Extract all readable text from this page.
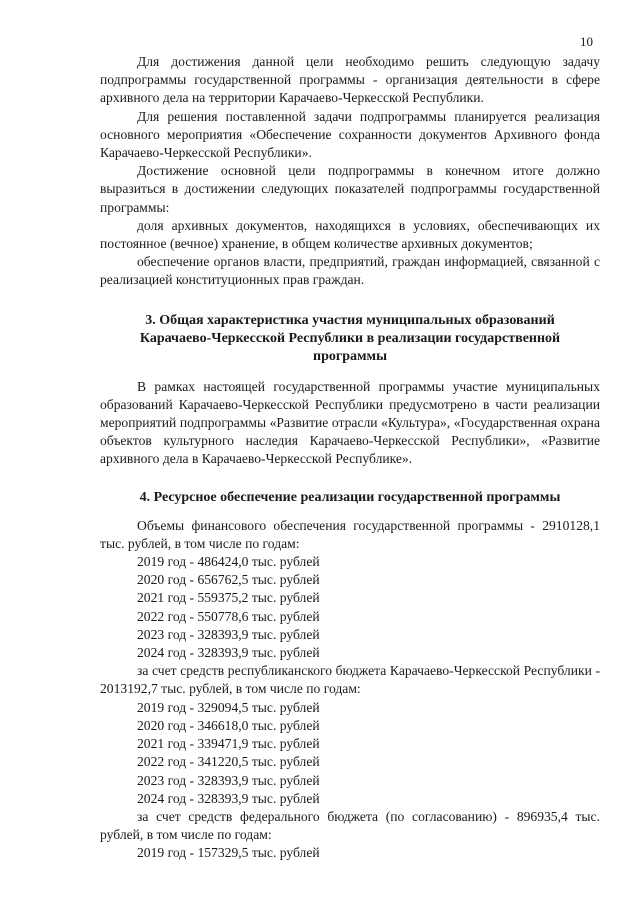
10

Для достижения данной цели необходимо решить следующую задачу подпрограммы государственной программы - организация деятельности в сфере архивного дела на территории Карачаево-Черкесской Республики.

Для решения поставленной задачи подпрограммы планируется реализация основного мероприятия «Обеспечение сохранности документов Архивного фонда Карачаево-Черкесской Республики».

Достижение основной цели подпрограммы в конечном итоге должно выразиться в достижении следующих показателей подпрограммы государственной программы:

доля архивных документов, находящихся в условиях, обеспечивающих их постоянное (вечное) хранение, в общем количестве архивных документов;

обеспечение органов власти, предприятий, граждан информацией, связанной с реализацией конституционных прав граждан.

3. Общая характеристика участия муниципальных образований Карачаево-Черкесской Республики в реализации государственной программы

В рамках настоящей государственной программы участие муниципальных образований Карачаево-Черкесской Республики предусмотрено в части реализации мероприятий подпрограммы «Развитие отрасли «Культура», «Государственная охрана объектов культурного наследия Карачаево-Черкесской Республики», «Развитие архивного дела в Карачаево-Черкесской Республике».

4. Ресурсное обеспечение реализации государственной программы

Объемы финансового обеспечения государственной программы - 2910128,1 тыс. рублей, в том числе по годам:

2019 год - 486424,0 тыс. рублей

2020 год - 656762,5 тыс. рублей

2021 год - 559375,2 тыс. рублей

2022 год - 550778,6 тыс. рублей

2023 год - 328393,9 тыс. рублей

2024 год - 328393,9 тыс. рублей

за счет средств республиканского бюджета Карачаево-Черкесской Республики - 2013192,7 тыс. рублей, в том числе по годам:

2019 год - 329094,5 тыс. рублей

2020 год - 346618,0 тыс. рублей

2021 год - 339471,9 тыс. рублей

2022 год - 341220,5 тыс. рублей

2023 год - 328393,9 тыс. рублей

2024 год - 328393,9 тыс. рублей

за счет средств федерального бюджета (по согласованию) - 896935,4 тыс. рублей, в том числе по годам:

2019 год - 157329,5 тыс. рублей
